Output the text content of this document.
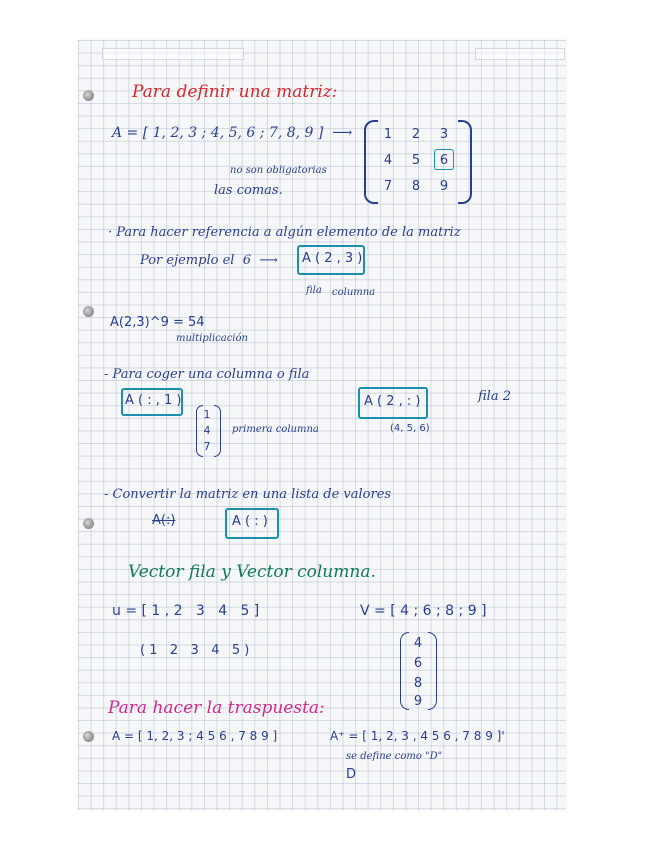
Para definir una matriz:
A = [ 1, 2, 3 ; 4, 5, 6 ; 7, 8, 9 ]  ⟶
no son obligatorias
las comas.
1	2	3
4	5	6
7	8	9
· Para hacer referencia a algún elemento de la matriz
Por ejemplo el  6  ⟶ A ( 2 , 3 )
fila columna
A(2,3)^9 = 54
multiplicación
- Para coger una columna o fila
A ( : , 1 )
1
4
7
primera columna
A ( 2 , : )
(4, 5, 6)
fila 2
- Convertir la matriz en una lista de valores
A(:)	A ( : )
Vector fila y Vector columna.
u = [ 1 , 2   3   4   5 ]
( 1   2   3   4   5 )
V = [ 4 ; 6 ; 8 ; 9 ]
4
6
8
9
Para hacer la traspuesta:
A = [ 1, 2, 3 ; 4 5 6 , 7 8 9 ]	A⁺ = [ 1, 2, 3 , 4 5 6 , 7 8 9 ]'
se define como "D"
D
